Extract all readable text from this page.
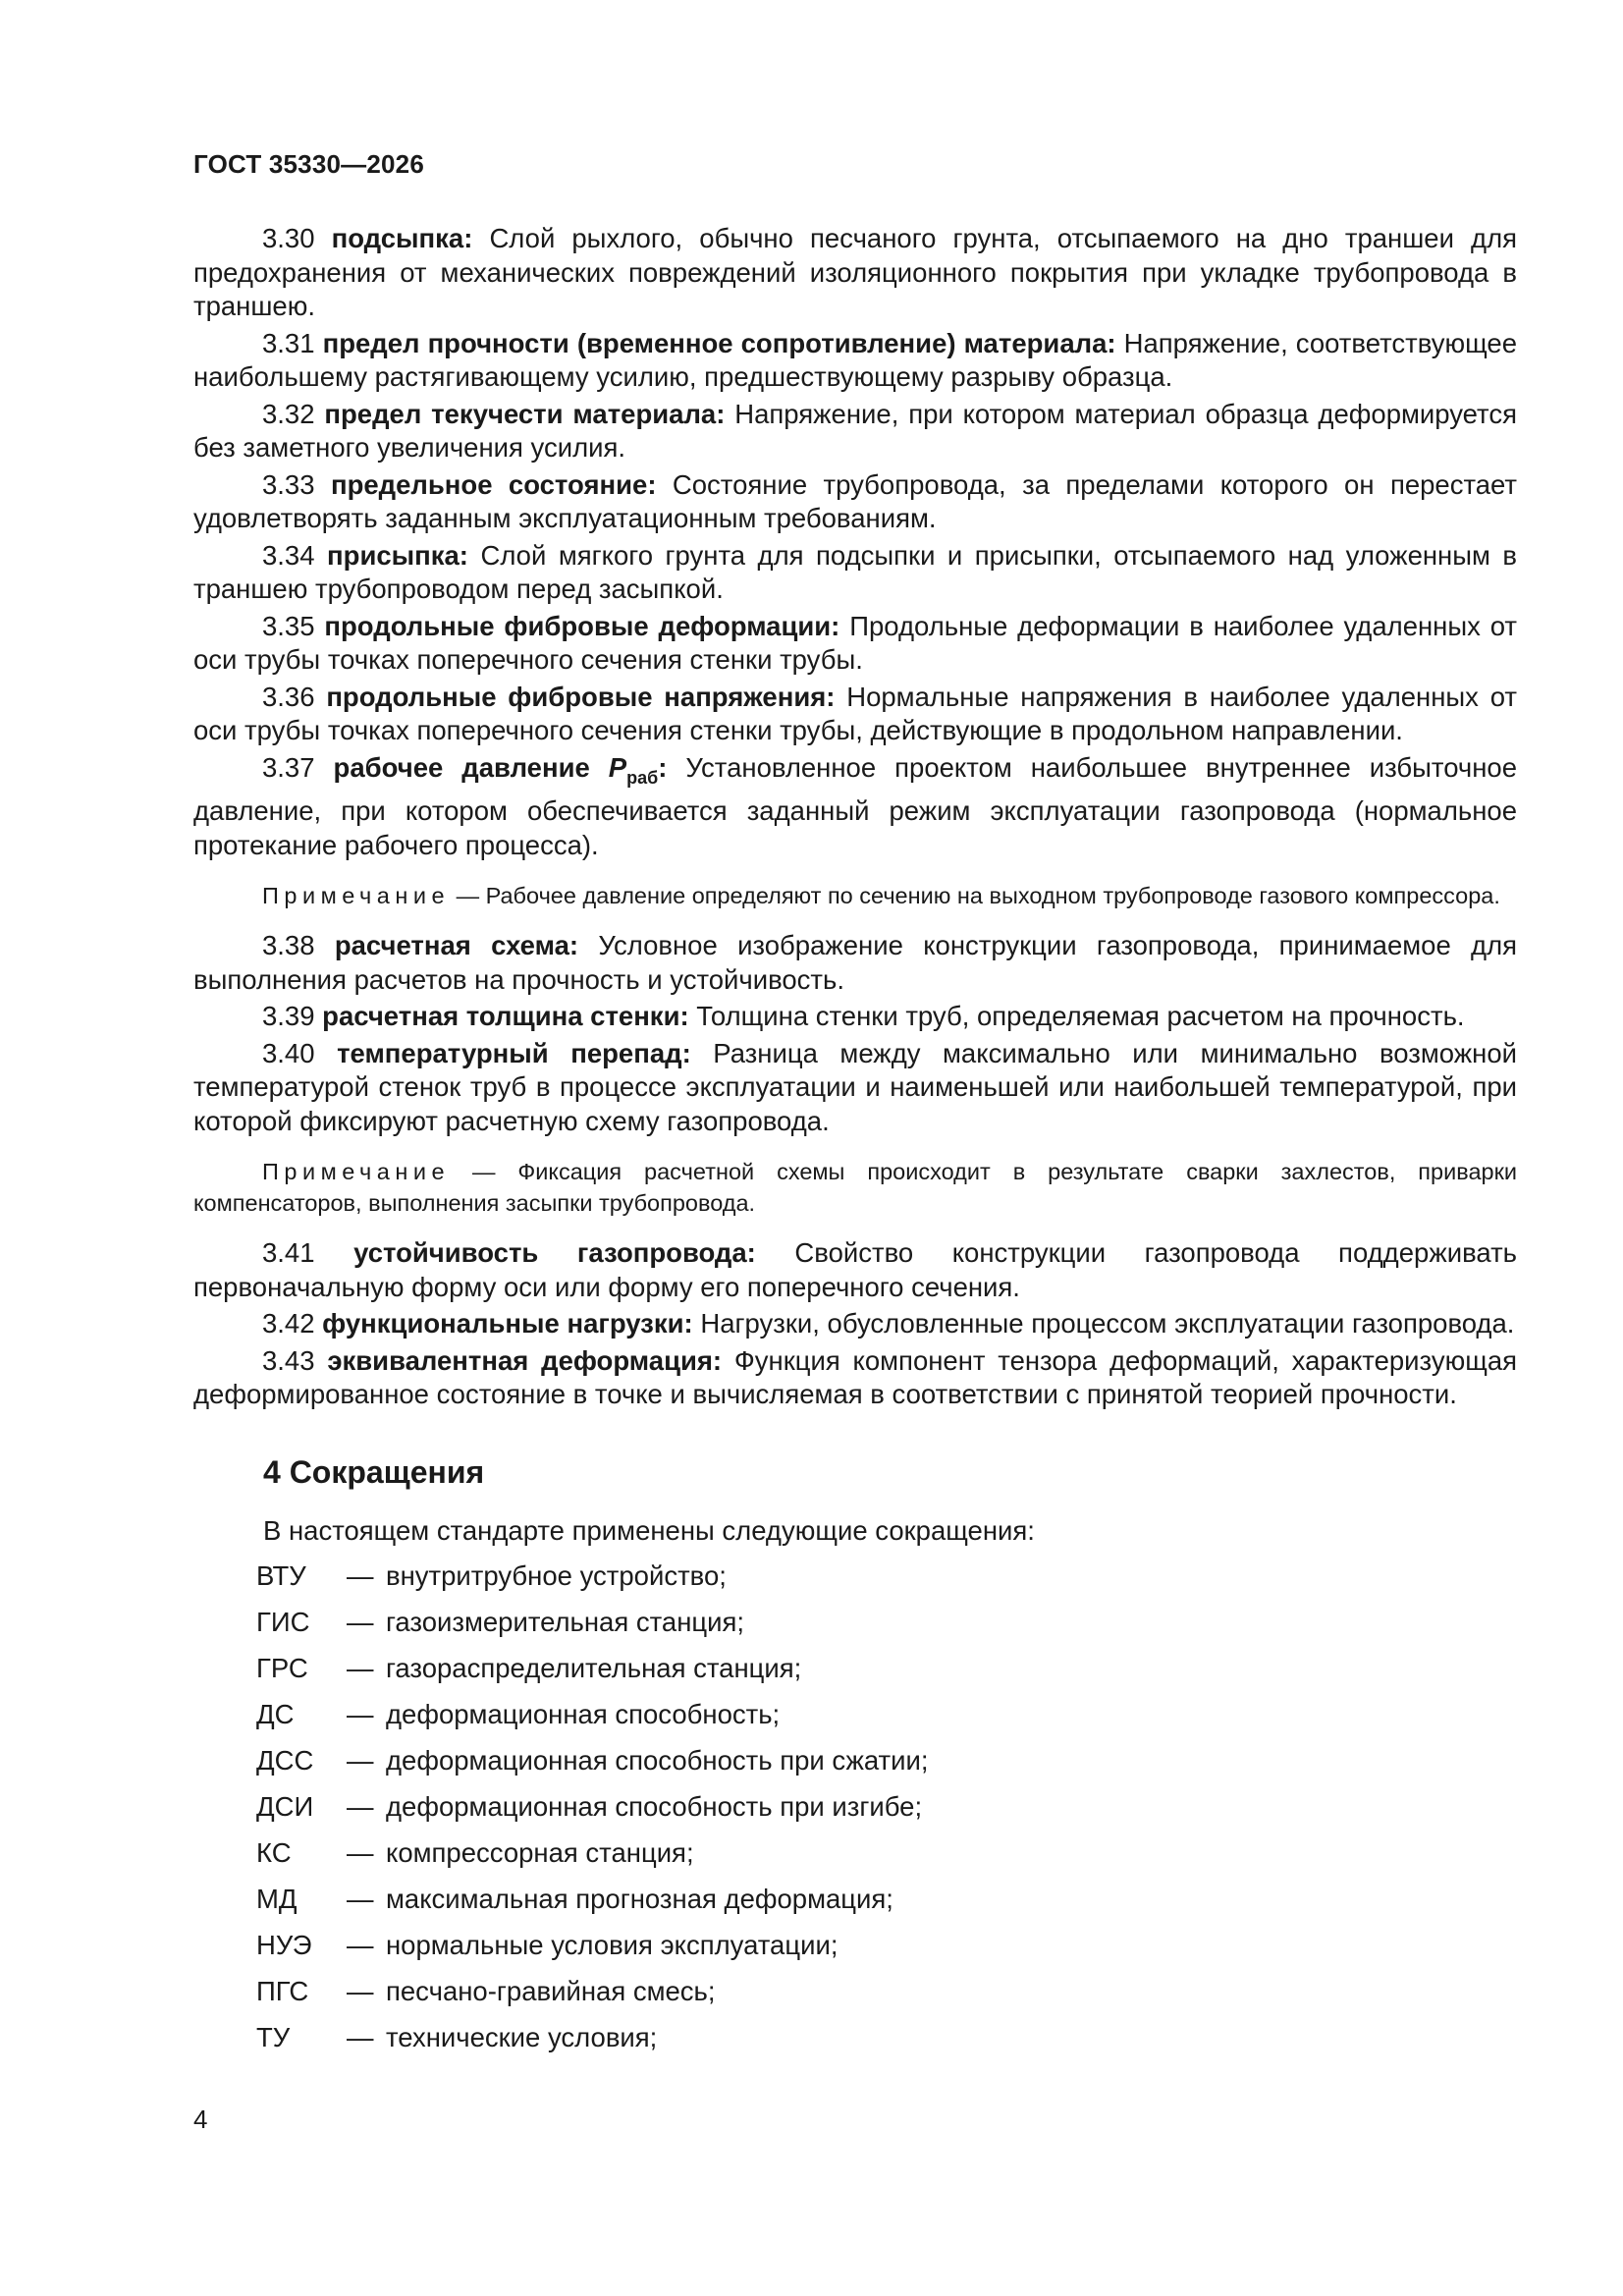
ГОСТ 35330—2026

3.30 подсыпка: Слой рыхлого, обычно песчаного грунта, отсыпаемого на дно траншеи для предохранения от механических повреждений изоляционного покрытия при укладке трубопровода в траншею.

3.31 предел прочности (временное сопротивление) материала: Напряжение, соответствующее наибольшему растягивающему усилию, предшествующему разрыву образца.

3.32 предел текучести материала: Напряжение, при котором материал образца деформируется без заметного увеличения усилия.

3.33 предельное состояние: Состояние трубопровода, за пределами которого он перестает удовлетворять заданным эксплуатационным требованиям.

3.34 присыпка: Слой мягкого грунта для подсыпки и присыпки, отсыпаемого над уложенным в траншею трубопроводом перед засыпкой.

3.35 продольные фибровые деформации: Продольные деформации в наиболее удаленных от оси трубы точках поперечного сечения стенки трубы.

3.36 продольные фибровые напряжения: Нормальные напряжения в наиболее удаленных от оси трубы точках поперечного сечения стенки трубы, действующие в продольном направлении.

3.37 рабочее давление $P_{раб}$: Установленное проектом наибольшее внутреннее избыточное давление, при котором обеспечивается заданный режим эксплуатации газопровода (нормальное протекание рабочего процесса).

Примечание — Рабочее давление определяют по сечению на выходном трубопроводе газового компрессора.

3.38 расчетная схема: Условное изображение конструкции газопровода, принимаемое для выполнения расчетов на прочность и устойчивость.

3.39 расчетная толщина стенки: Толщина стенки труб, определяемая расчетом на прочность.

3.40 температурный перепад: Разница между максимально или минимально возможной температурой стенок труб в процессе эксплуатации и наименьшей или наибольшей температурой, при которой фиксируют расчетную схему газопровода.

Примечание — Фиксация расчетной схемы происходит в результате сварки захлестов, приварки компенсаторов, выполнения засыпки трубопровода.

3.41 устойчивость газопровода: Свойство конструкции газопровода поддерживать первоначальную форму оси или форму его поперечного сечения.

3.42 функциональные нагрузки: Нагрузки, обусловленные процессом эксплуатации газопровода.

3.43 эквивалентная деформация: Функция компонент тензора деформаций, характеризующая деформированное состояние в точке и вычисляемая в соответствии с принятой теорией прочности.

4 Сокращения
В настоящем стандарте применены следующие сокращения:
ВТУ	— внутритрубное устройство;
ГИС	— газоизмерительная станция;
ГРС	— газораспределительная станция;
ДС	— деформационная способность;
ДСС	— деформационная способность при сжатии;
ДСИ	— деформационная способность при изгибе;
КС	— компрессорная станция;
МД	— максимальная прогнозная деформация;
НУЭ	— нормальные условия эксплуатации;
ПГС	— песчано-гравийная смесь;
ТУ	— технические условия;
4
